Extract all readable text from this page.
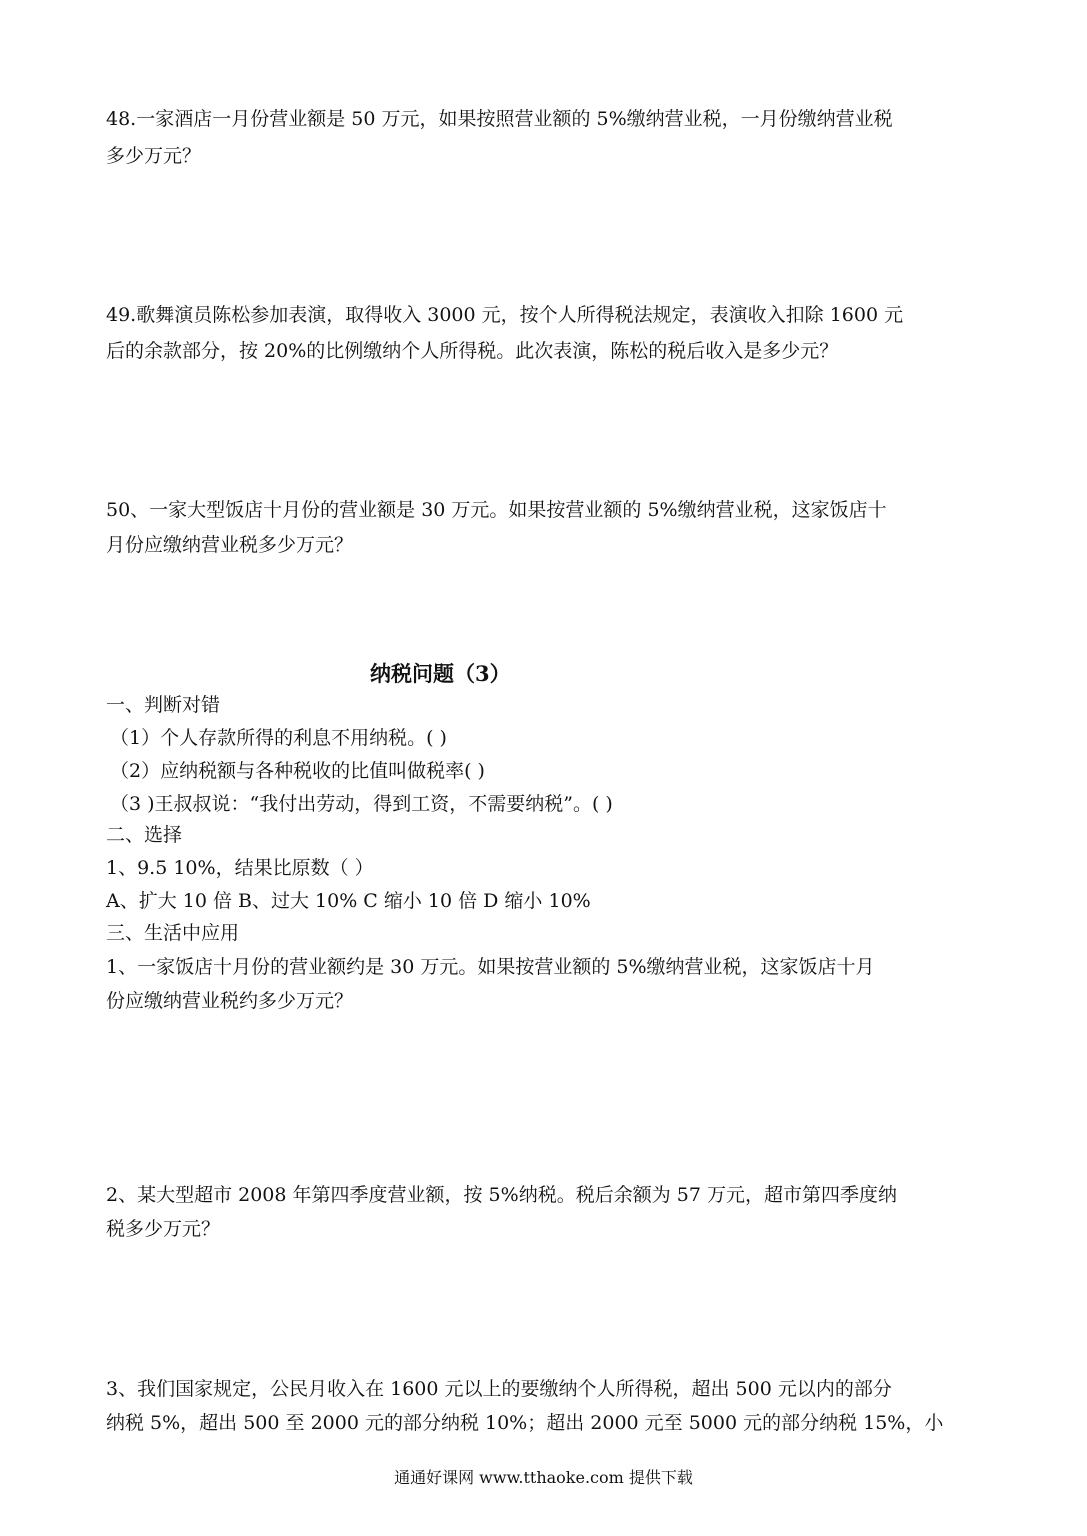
48.一家酒店一月份营业额是 50 万元，如果按照营业额的 5%缴纳营业税，一月份缴纳营业税
多少万元？
49.歌舞演员陈松参加表演，取得收入 3000 元，按个人所得税法规定，表演收入扣除 1600 元
后的余款部分，按 20%的比例缴纳个人所得税。此次表演，陈松的税后收入是多少元？
50、一家大型饭店十月份的营业额是 30 万元。如果按营业额的 5%缴纳营业税，这家饭店十
月份应缴纳营业税多少万元？
纳税问题（3）
一、判断对错
（1）个人存款所得的利息不用纳税。( )
（2）应纳税额与各种税收的比值叫做税率( )
（3 )王叔叔说：“我付出劳动，得到工资，不需要纳税”。( )
二、选择
1、9.5 10%，结果比原数（ ）
A、扩大 10 倍 B、过大 10% C 缩小 10 倍 D 缩小 10%
三、生活中应用
1、一家饭店十月份的营业额约是 30 万元。如果按营业额的 5%缴纳营业税，这家饭店十月
份应缴纳营业税约多少万元？
2、某大型超市 2008 年第四季度营业额，按 5%纳税。税后余额为 57 万元，超市第四季度纳
税多少万元？
3、我们国家规定，公民月收入在 1600 元以上的要缴纳个人所得税，超出 500 元以内的部分
纳税 5%，超出 500 至 2000 元的部分纳税 10%；超出 2000 元至 5000 元的部分纳税 15%，小
通通好课网 www.tthaoke.com 提供下载
